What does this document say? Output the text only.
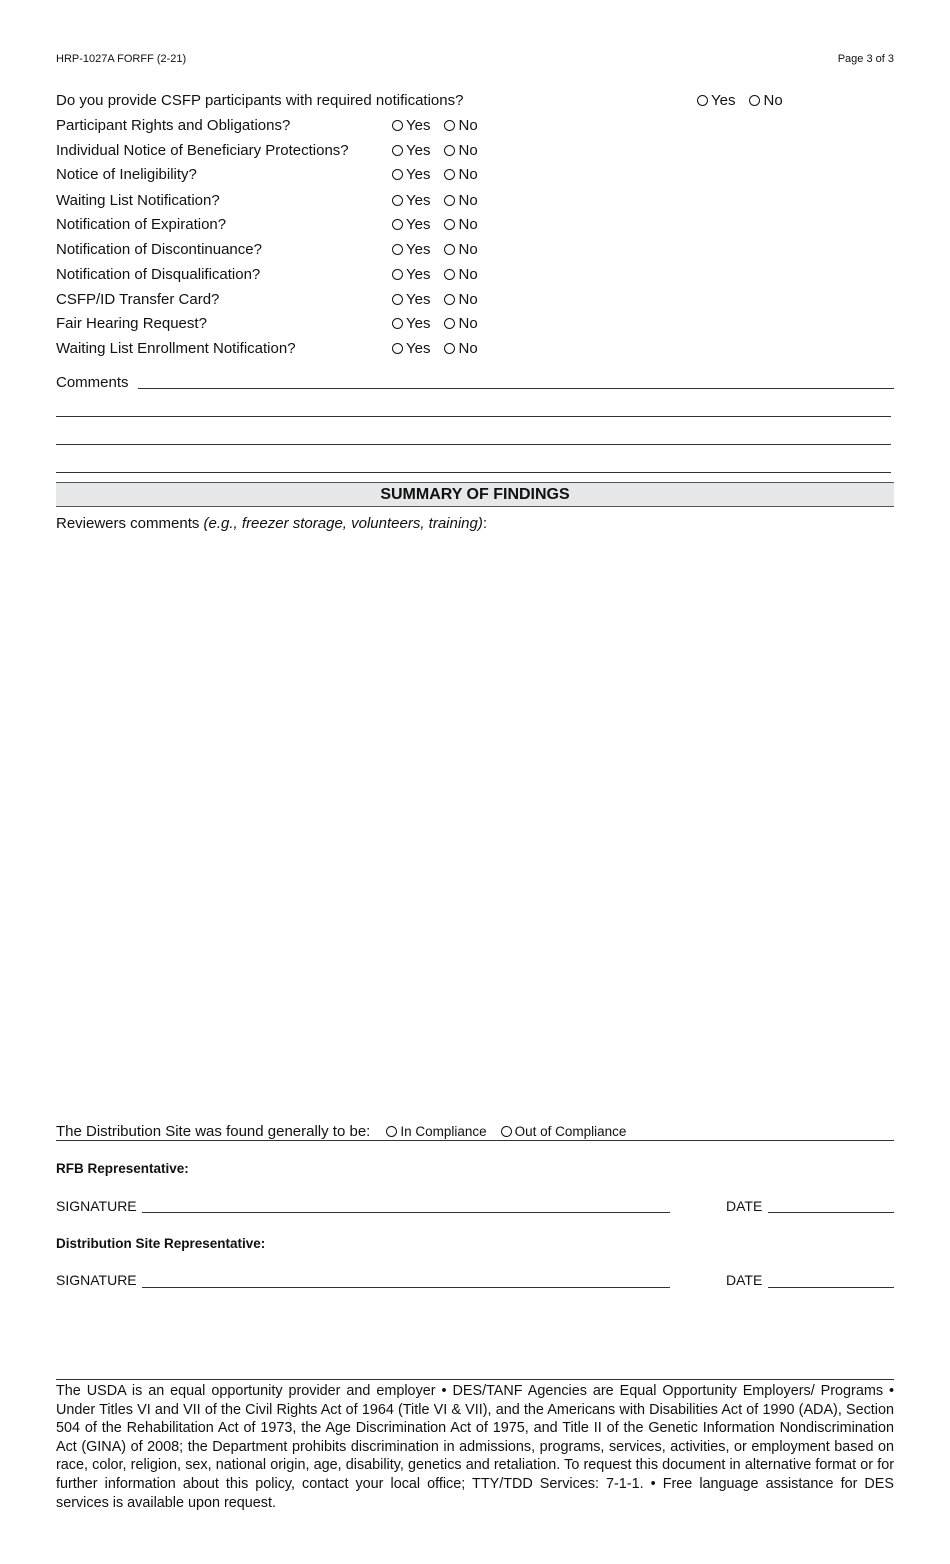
HRP-1027A FORFF (2-21)	Page 3 of 3
Do you provide CSFP participants with required notifications?	Yes No
Participant Rights and Obligations?	Yes No
Individual Notice of Beneficiary Protections?	Yes No
Notice of Ineligibility?	Yes No
Waiting List Notification?	Yes No
Notification of Expiration?	Yes No
Notification of Discontinuance?	Yes No
Notification of Disqualification?	Yes No
CSFP/ID Transfer Card?	Yes No
Fair Hearing Request?	Yes No
Waiting List Enrollment Notification?	Yes No
Comments
SUMMARY OF FINDINGS
Reviewers comments (e.g., freezer storage, volunteers, training):
The Distribution Site was found generally to be: In Compliance Out of Compliance
RFB Representative:
SIGNATURE	DATE
Distribution Site Representative:
SIGNATURE	DATE
The USDA is an equal opportunity provider and employer • DES/TANF Agencies are Equal Opportunity Employers/ Programs • Under Titles VI and VII of the Civil Rights Act of 1964 (Title VI & VII), and the Americans with Disabilities Act of 1990 (ADA), Section 504 of the Rehabilitation Act of 1973, the Age Discrimination Act of 1975, and Title II of the Genetic Information Nondiscrimination Act (GINA) of 2008; the Department prohibits discrimination in admissions, programs, services, activities, or employment based on race, color, religion, sex, national origin, age, disability, genetics and retaliation. To request this document in alternative format or for further information about this policy, contact your local office; TTY/TDD Services: 7-1-1. • Free language assistance for DES services is available upon request.
